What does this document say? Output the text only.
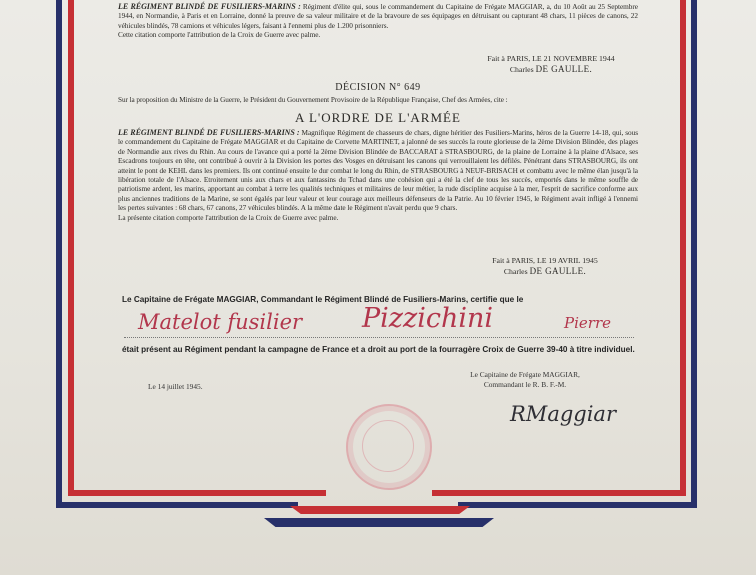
LE RÉGIMENT BLINDÉ DE FUSILIERS-MARINS : Régiment d'élite qui, sous le commandement du Capitaine de Frégate MAGGIAR, a, du 10 Août au 25 Septembre 1944, en Normandie, à Paris et en Lorraine, donné la preuve de sa valeur militaire et de la bravoure de ses équipages en détruisant ou capturant 48 chars, 11 pièces de canons, 22 véhicules blindés, 78 camions et véhicules légers, faisant à l'ennemi plus de 1.200 prisonniers.

Cette citation comporte l'attribution de la Croix de Guerre avec palme.

Fait à PARIS, LE 21 NOVEMBRE 1944
Charles DE GAULLE.
DÉCISION N° 649

Sur la proposition du Ministre de la Guerre, le Président du Gouvernement Provisoire de la République Française, Chef des Armées, cite :

A L'ORDRE DE L'ARMÉE

LE RÉGIMENT BLINDÉ DE FUSILIERS-MARINS : Magnifique Régiment de chasseurs de chars, digne héritier des Fusiliers-Marins, héros de la Guerre 14-18, qui, sous le commandement du Capitaine de Frégate MAGGIAR et du Capitaine de Corvette MARTINET, a jalonné de ses succès la route glorieuse de la 2ème Division Blindée, des plages de Normandie aux rives du Rhin. Au cours de l'avance qui a porté la 2ème Division Blindée de BACCARAT à STRASBOURG, de la plaine de Lorraine à la plaine d'Alsace, ses Escadrons toujours en tête, ont contribué à ouvrir à la Division les portes des Vosges en détruisant les canons qui verrouillaient les défilés. Pénétrant dans STRASBOURG, ils ont atteint le pont de KEHL dans les premiers. Ils ont continué ensuite le dur combat le long du Rhin, de STRASBOURG à NEUF-BRISACH et combattu avec le même élan jusqu'à la libération totale de l'Alsace. Etroitement unis aux chars et aux fantassins du Tchad dans une cohésion qui a été la clef de tous les succès, emportés dans le même souffle de patriotisme ardent, les marins, apportant au combat à terre les qualités techniques et militaires de leur métier, la rude discipline acquise à la mer, l'esprit de sacrifice conforme aux plus anciennes traditions de la Marine, se sont égalés par leur valeur et leur courage aux meilleurs défenseurs de la Patrie. Au 10 février 1945, le Régiment avait infligé à l'ennemi les pertes suivantes : 68 chars, 67 canons, 27 véhicules blindés. A la même date le Régiment n'avait perdu que 9 chars.

La présente citation comporte l'attribution de la Croix de Guerre avec palme.

Fait à PARIS, LE 19 AVRIL 1945
Charles DE GAULLE.
Le Capitaine de Frégate MAGGIAR, Commandant le Régiment Blindé de Fusiliers-Marins, certifie que le
Matelot fusilier Pizzichini	Pierre
était présent au Régiment pendant la campagne de France et a droit au port de la fourragère Croix de Guerre 39-40 à titre individuel.
Le 14 juillet 1945.
Le Capitaine de Frégate MAGGIAR,
Commandant le R. B. F.-M.
RMaggiar
